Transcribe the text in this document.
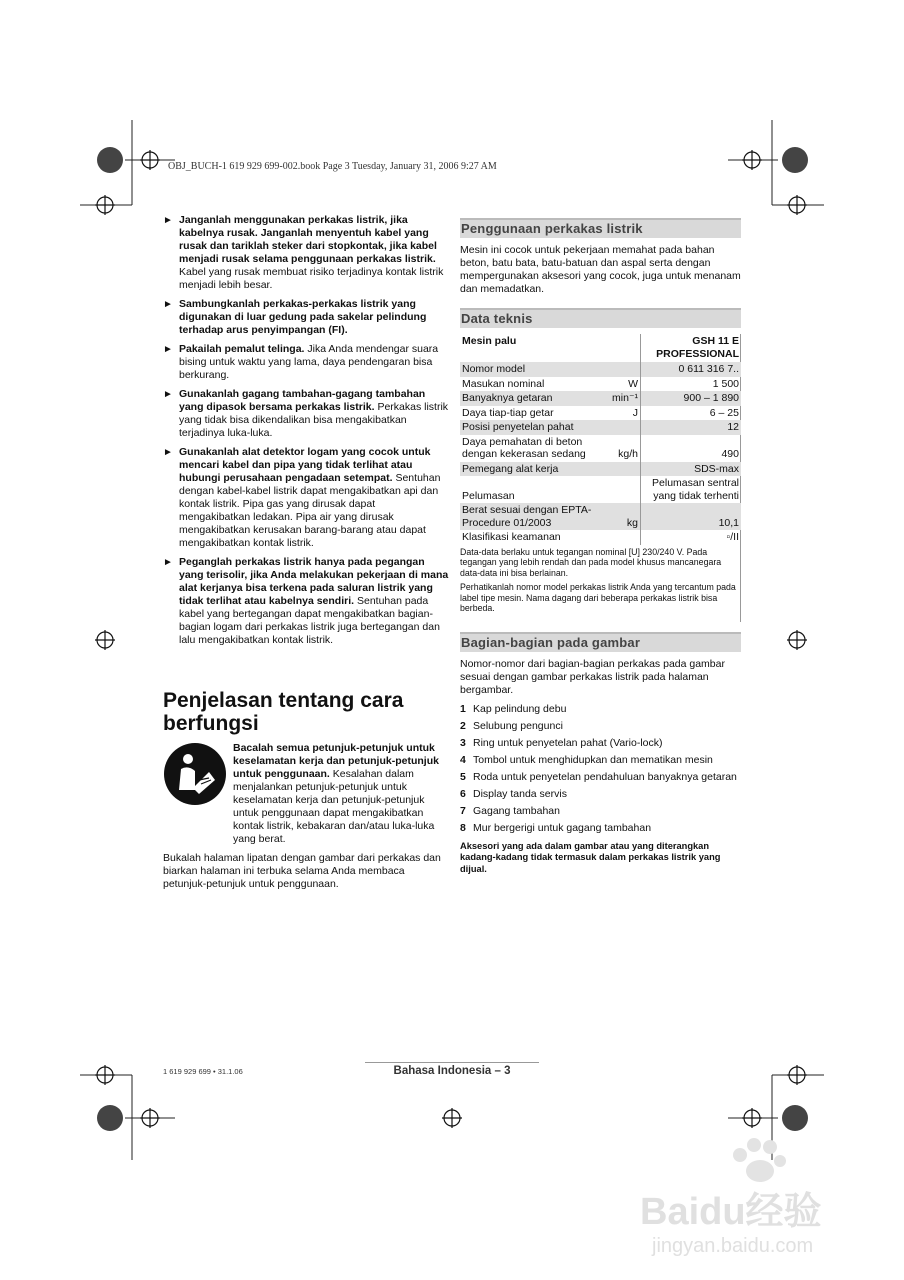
OBJ_BUCH-1 619 929 699-002.book Page 3 Tuesday, January 31, 2006 9:27 AM
► Janganlah menggunakan perkakas listrik, jika kabelnya rusak. Janganlah menyentuh kabel yang rusak dan tariklah steker dari stopkontak, jika kabel menjadi rusak selama penggunaan perkakas listrik. Kabel yang rusak membuat risiko terjadinya kontak listrik menjadi lebih besar.
► Sambungkanlah perkakas-perkakas listrik yang digunakan di luar gedung pada sakelar pelindung terhadap arus penyimpangan (FI).
► Pakailah pemalut telinga. Jika Anda mendengar suara bising untuk waktu yang lama, daya pendengaran bisa berkurang.
► Gunakanlah gagang tambahan-gagang tambahan yang dipasok bersama perkakas listrik. Perkakas listrik yang tidak bisa dikendalikan bisa mengakibatkan terjadinya luka-luka.
► Gunakanlah alat detektor logam yang cocok untuk mencari kabel dan pipa yang tidak terlihat atau hubungi perusahaan pengadaan setempat. Sentuhan dengan kabel-kabel listrik dapat mengakibatkan api dan kontak listrik. Pipa gas yang dirusak dapat mengakibatkan ledakan. Pipa air yang dirusak mengakibatkan kerusakan barang-barang atau dapat mengakibatkan kontak listrik.
► Peganglah perkakas listrik hanya pada pegangan yang terisolir, jika Anda melakukan pekerjaan di mana alat kerjanya bisa terkena pada saluran listrik yang tidak terlihat atau kabelnya sendiri. Sentuhan pada kabel yang bertegangan dapat mengakibatkan bagian-bagian logam dari perkakas listrik juga bertegangan dan lalu mengakibatkan kontak listrik.
Penjelasan tentang cara
berfungsi
Bacalah semua petunjuk-petunjuk untuk keselamatan kerja dan petunjuk-petunjuk untuk penggunaan. Kesalahan dalam menjalankan petunjuk-petunjuk untuk keselamatan kerja dan petunjuk-petunjuk untuk penggunaan dapat mengakibatkan kontak listrik, kebakaran dan/atau luka-luka yang berat.
Bukalah halaman lipatan dengan gambar dari perkakas dan biarkan halaman ini terbuka selama Anda membaca petunjuk-petunjuk untuk penggunaan.
Penggunaan perkakas listrik
Mesin ini cocok untuk pekerjaan memahat pada bahan beton, batu bata, batu-batuan dan aspal serta dengan mempergunakan aksesori yang cocok, juga untuk menanam dan memadatkan.
Data teknis
Mesin palu		GSH 11 E
PROFESSIONAL

Nomor model		0 611 316 7..
Masukan nominal	W	1 500
Banyaknya getaran	min⁻¹	900 – 1 890
Daya tiap-tiap getar	J	6 – 25
Posisi penyetelan pahat		12
Daya pemahatan di beton dengan kekerasan sedang	kg/h	490
Pemegang alat kerja		SDS-max
Pelumasan		Pelumasan sentral yang tidak terhenti
Berat sesuai dengan EPTA-Procedure 01/2003	kg	10,1
Klasifikasi keamanan		▫/II
Data-data berlaku untuk tegangan nominal [U] 230/240 V. Pada tegangan yang lebih rendah dan pada model khusus mancanegara data-data ini bisa berlainan.
Perhatikanlah nomor model perkakas listrik Anda yang tercantum pada label tipe mesin. Nama dagang dari beberapa perkakas listrik bisa berbeda.
Bagian-bagian pada gambar
Nomor-nomor dari bagian-bagian perkakas pada gambar sesuai dengan gambar perkakas listrik pada halaman bergambar.
1 Kap pelindung debu
2 Selubung pengunci
3 Ring untuk penyetelan pahat (Vario-lock)
4 Tombol untuk menghidupkan dan mematikan mesin
5 Roda untuk penyetelan pendahuluan banyaknya getaran
6 Display tanda servis
7 Gagang tambahan
8 Mur bergerigi untuk gagang tambahan
Aksesori yang ada dalam gambar atau yang diterangkan kadang-kadang tidak termasuk dalam perkakas listrik yang dijual.
1 619 929 699 • 31.1.06	Bahasa Indonesia – 3
Baidu经验
jingyan.baidu.com
